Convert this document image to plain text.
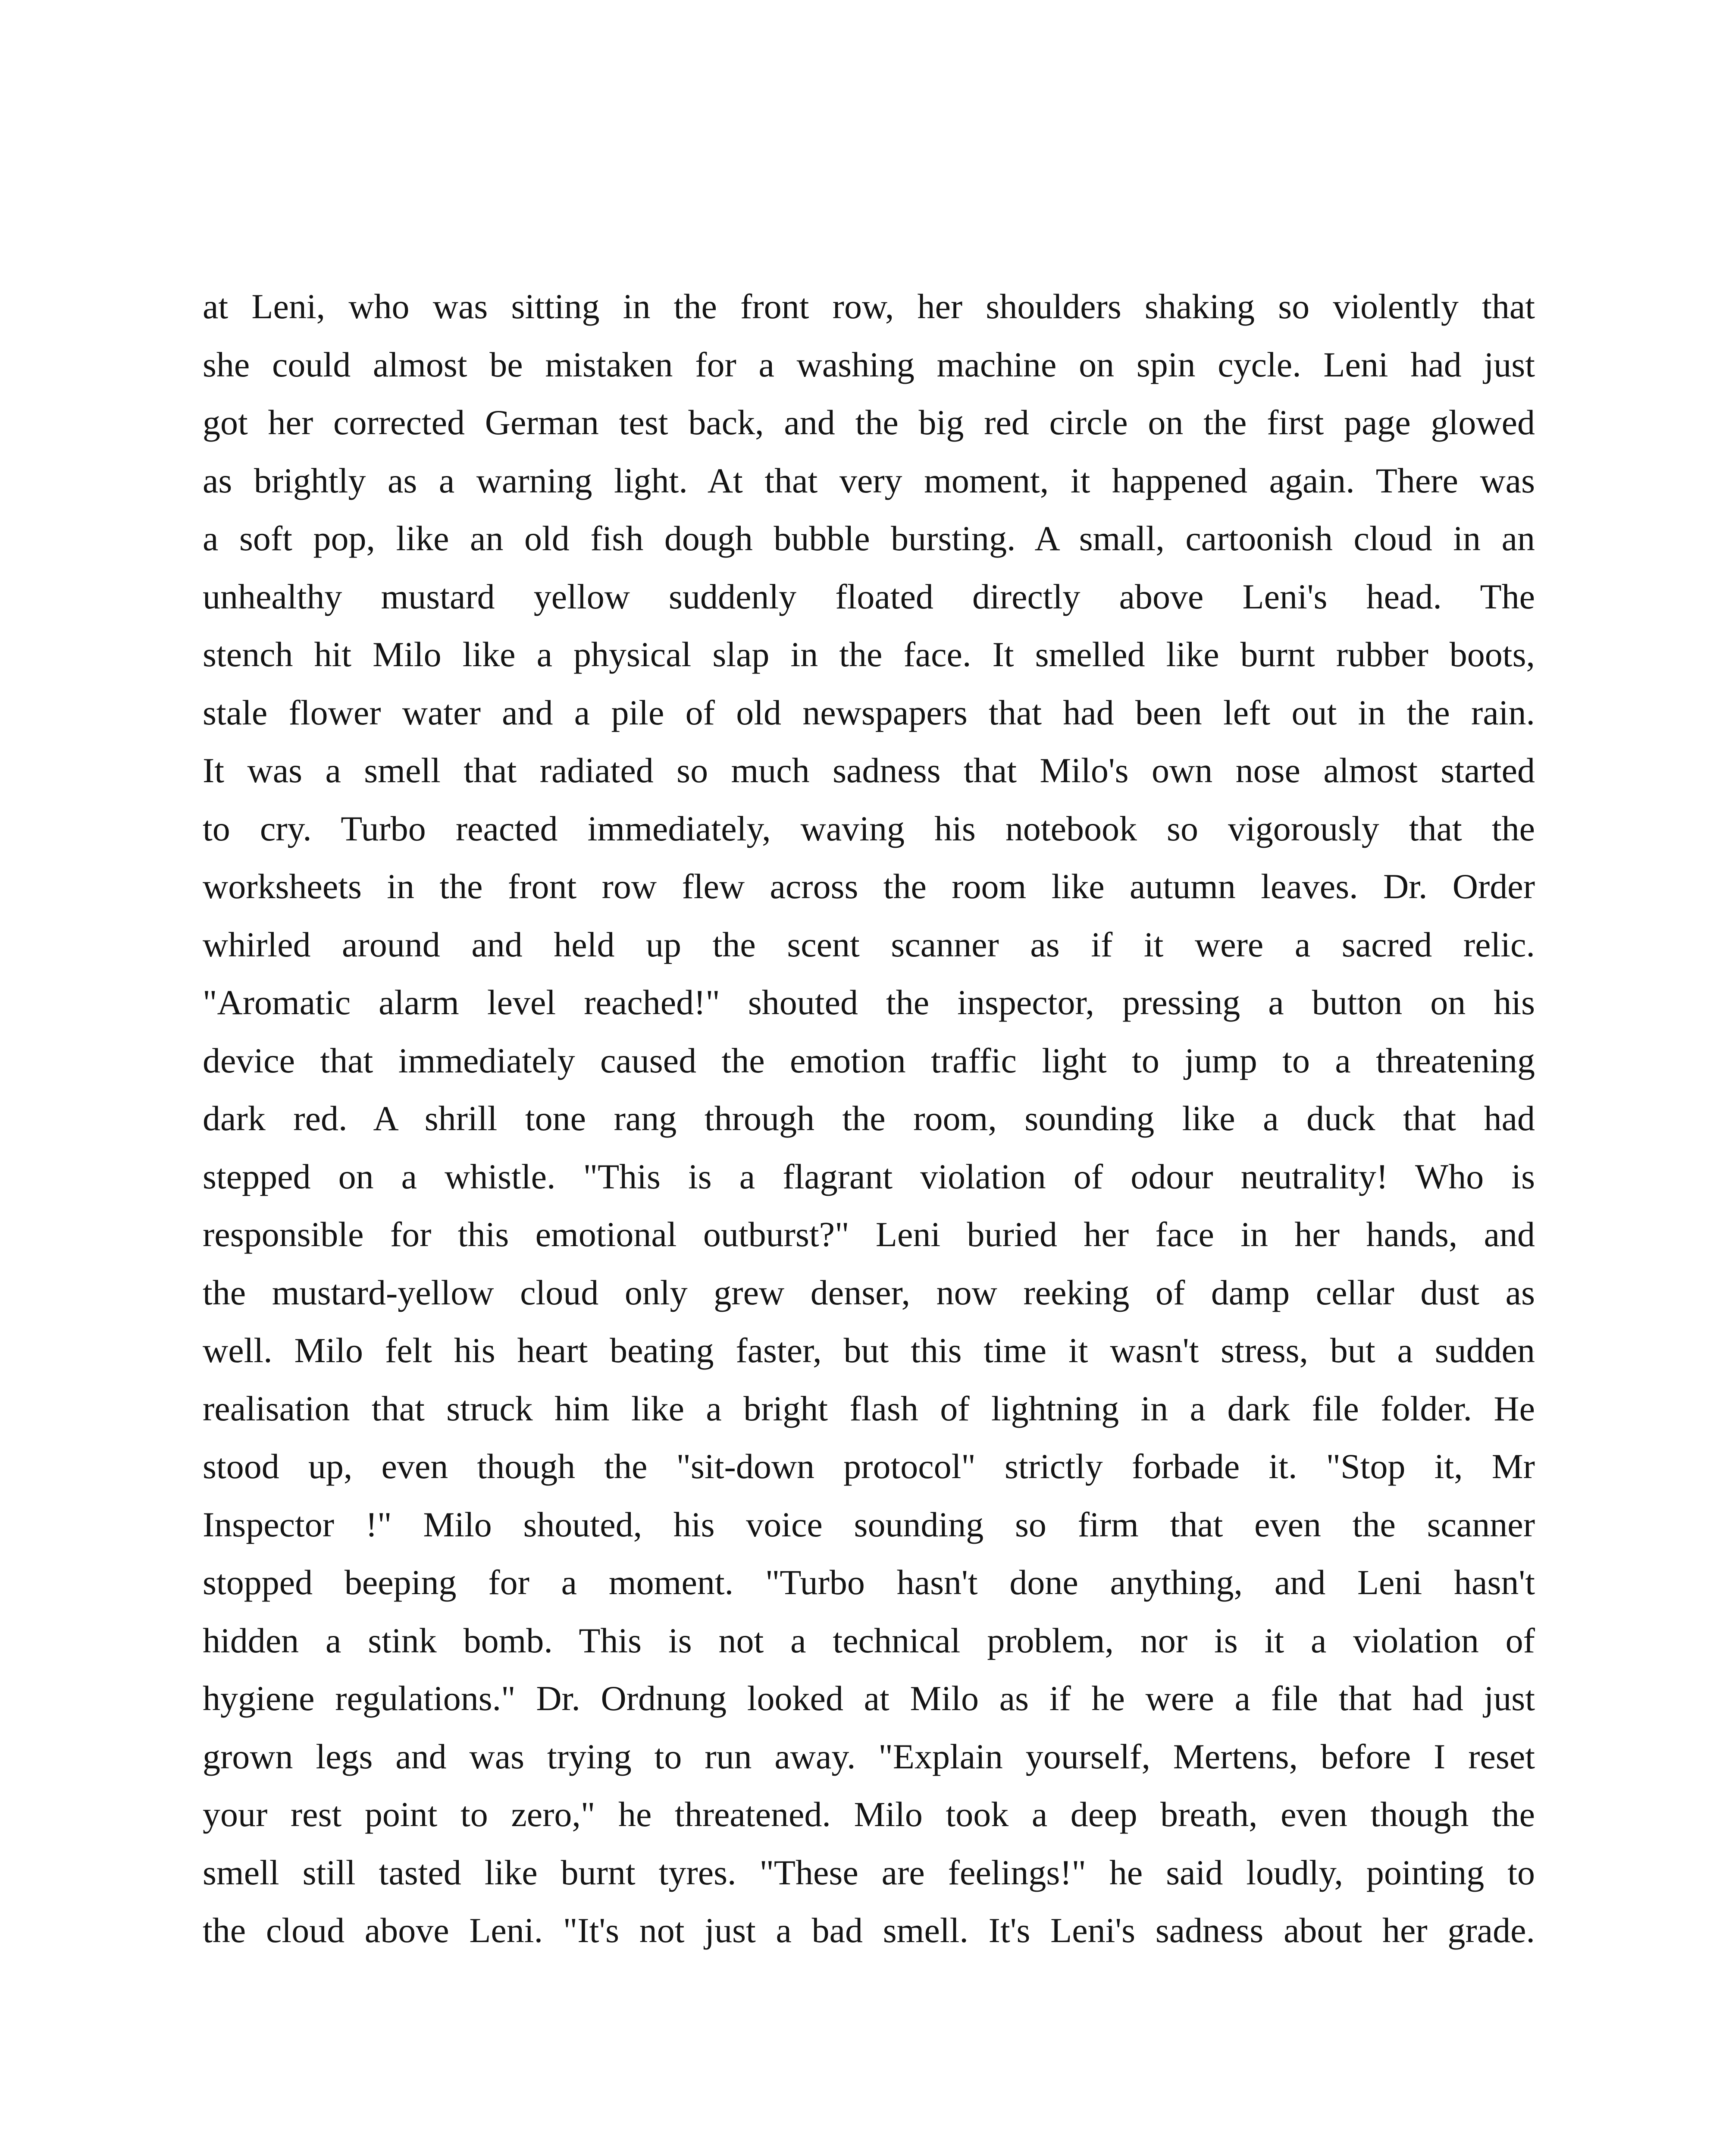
at Leni, who was sitting in the front row, her shoulders shaking so violently that
she could almost be mistaken for a washing machine on spin cycle. Leni had just
got her corrected German test back, and the big red circle on the first page glowed
as brightly as a warning light. At that very moment, it happened again. There was
a soft pop, like an old fish dough bubble bursting. A small, cartoonish cloud in an
unhealthy mustard yellow suddenly floated directly above Leni's head. The
stench hit Milo like a physical slap in the face. It smelled like burnt rubber boots,
stale flower water and a pile of old newspapers that had been left out in the rain.
It was a smell that radiated so much sadness that Milo's own nose almost started
to cry. Turbo reacted immediately, waving his notebook so vigorously that the
worksheets in the front row flew across the room like autumn leaves. Dr. Order
whirled around and held up the scent scanner as if it were a sacred relic.
"Aromatic alarm level reached!" shouted the inspector, pressing a button on his
device that immediately caused the emotion traffic light to jump to a threatening
dark red. A shrill tone rang through the room, sounding like a duck that had
stepped on a whistle. "This is a flagrant violation of odour neutrality! Who is
responsible for this emotional outburst?" Leni buried her face in her hands, and
the mustard-yellow cloud only grew denser, now reeking of damp cellar dust as
well. Milo felt his heart beating faster, but this time it wasn't stress, but a sudden
realisation that struck him like a bright flash of lightning in a dark file folder. He
stood up, even though the "sit-down protocol" strictly forbade it. "Stop it, Mr
Inspector !" Milo shouted, his voice sounding so firm that even the scanner
stopped beeping for a moment. "Turbo hasn't done anything, and Leni hasn't
hidden a stink bomb. This is not a technical problem, nor is it a violation of
hygiene regulations." Dr. Ordnung looked at Milo as if he were a file that had just
grown legs and was trying to run away. "Explain yourself, Mertens, before I reset
your rest point to zero," he threatened. Milo took a deep breath, even though the
smell still tasted like burnt tyres. "These are feelings!" he said loudly, pointing to
the cloud above Leni. "It's not just a bad smell. It's Leni's sadness about her grade.
